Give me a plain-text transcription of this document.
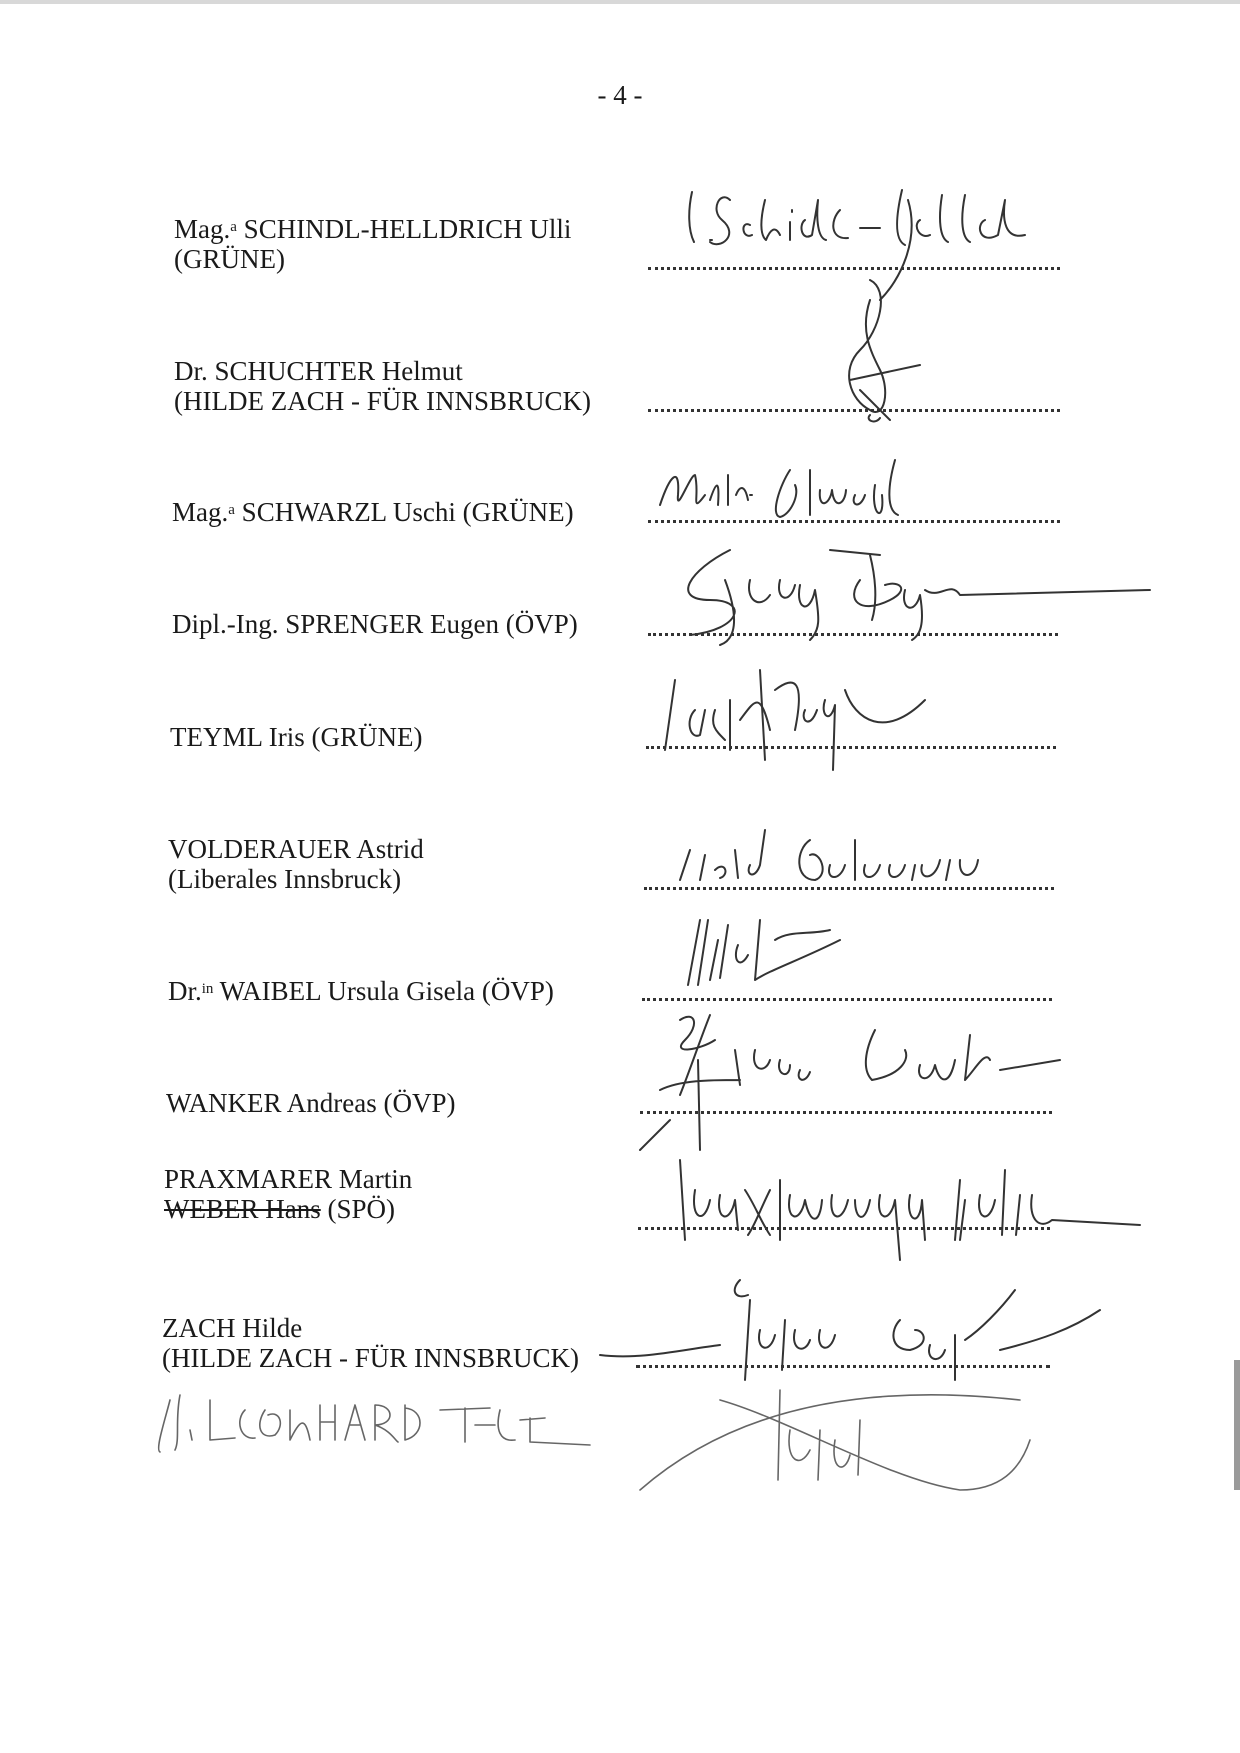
- 4 -
Mag.$^a$ SCHINDL-HELLDRICH Ulli
(GRÜNE)
Dr. SCHUCHTER Helmut
(HILDE ZACH - FÜR INNSBRUCK)
Mag.$^a$ SCHWARZL Uschi (GRÜNE)
Dipl.-Ing. SPRENGER Eugen (ÖVP)
TEYML Iris (GRÜNE)
VOLDERAUER Astrid
(Liberales Innsbruck)
Dr.$^{in}$ WAIBEL Ursula Gisela (ÖVP)
WANKER Andreas (ÖVP)
PRAXMARER Martin
WEBER Hans (SPÖ)
ZACH Hilde
(HILDE ZACH - FÜR INNSBRUCK)
